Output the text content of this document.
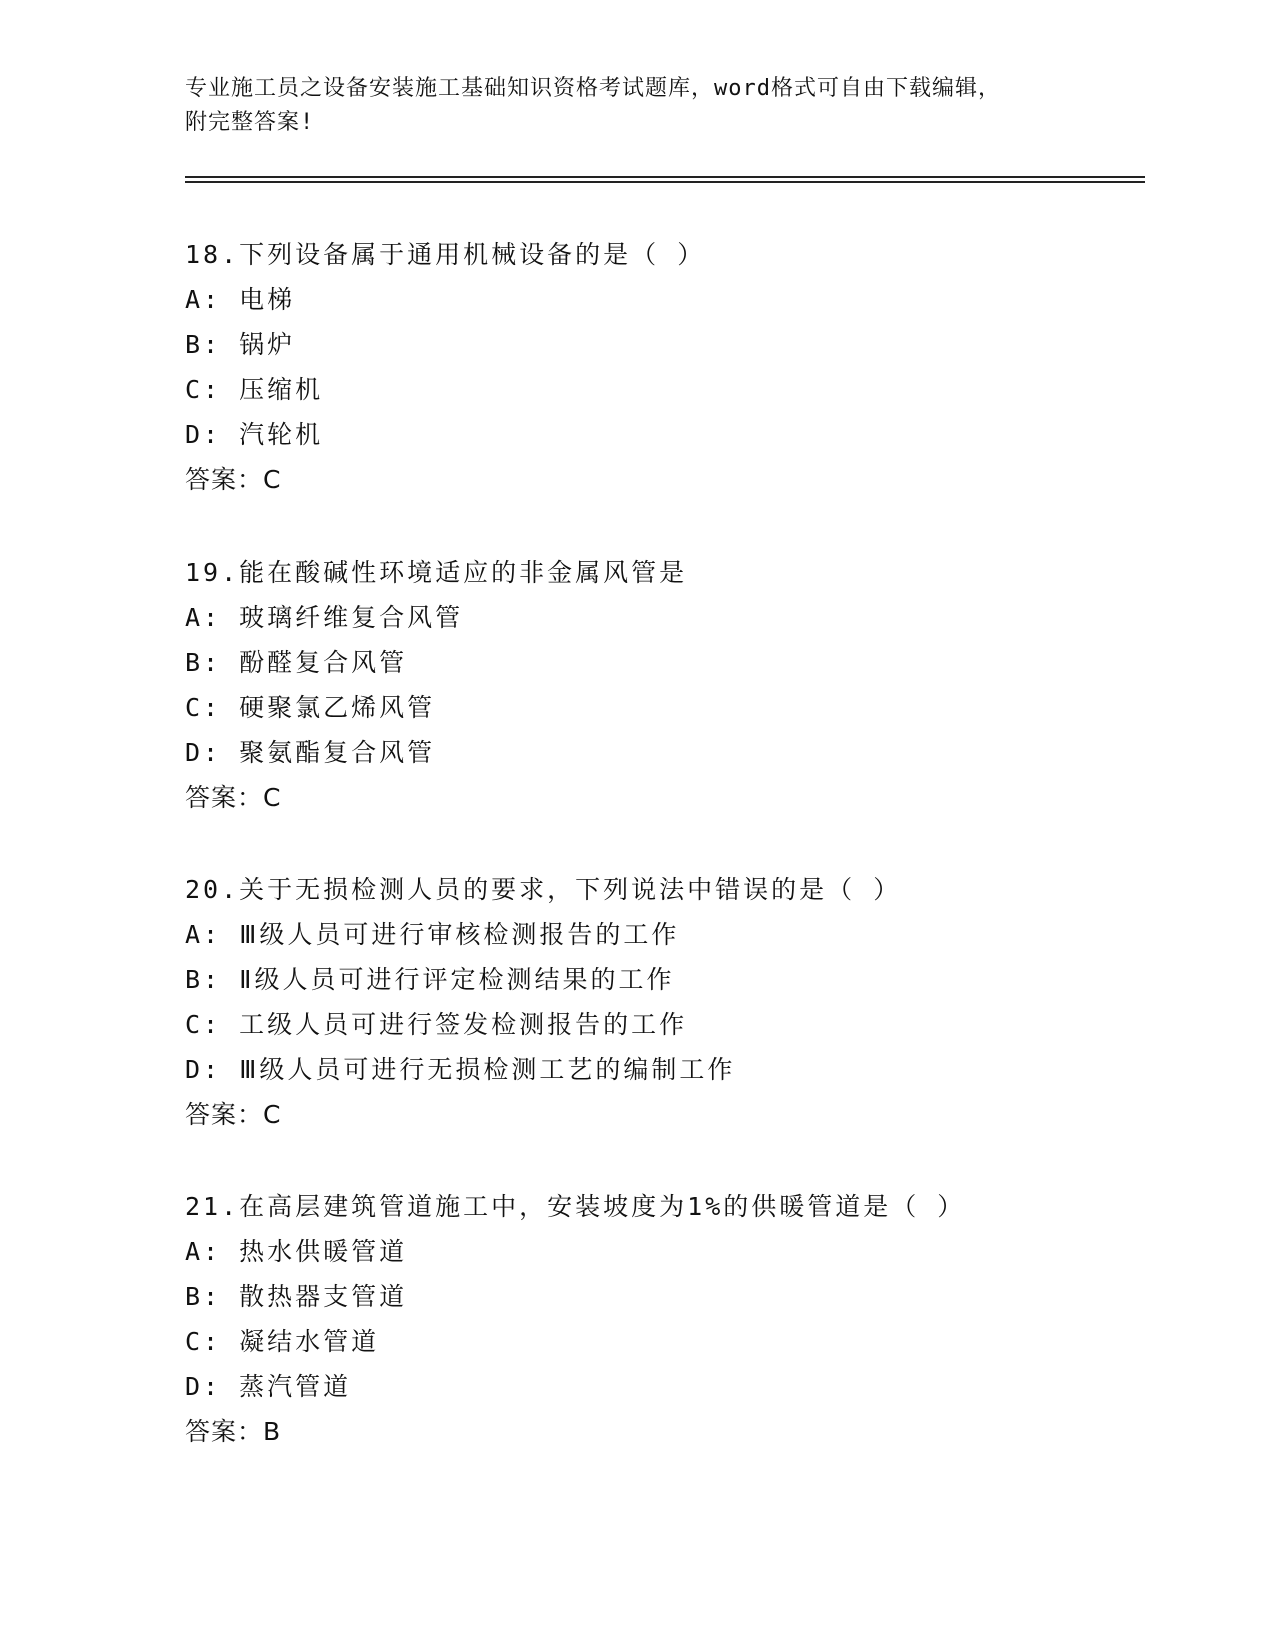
专业施工员之设备安装施工基础知识资格考试题库，word格式可自由下载编辑，
附完整答案!
18.下列设备属于通用机械设备的是（ ）
A: 电梯
B: 锅炉
C: 压缩机
D: 汽轮机
答案：C
19.能在酸碱性环境适应的非金属风管是
A: 玻璃纤维复合风管
B: 酚醛复合风管
C: 硬聚氯乙烯风管
D: 聚氨酯复合风管
答案：C
20.关于无损检测人员的要求，下列说法中错误的是（ ）
A: Ⅲ级人员可进行审核检测报告的工作
B: Ⅱ级人员可进行评定检测结果的工作
C: 工级人员可进行签发检测报告的工作
D: Ⅲ级人员可进行无损检测工艺的编制工作
答案：C
21.在高层建筑管道施工中，安装坡度为1%的供暖管道是（ ）
A: 热水供暖管道
B: 散热器支管道
C: 凝结水管道
D: 蒸汽管道
答案：B
